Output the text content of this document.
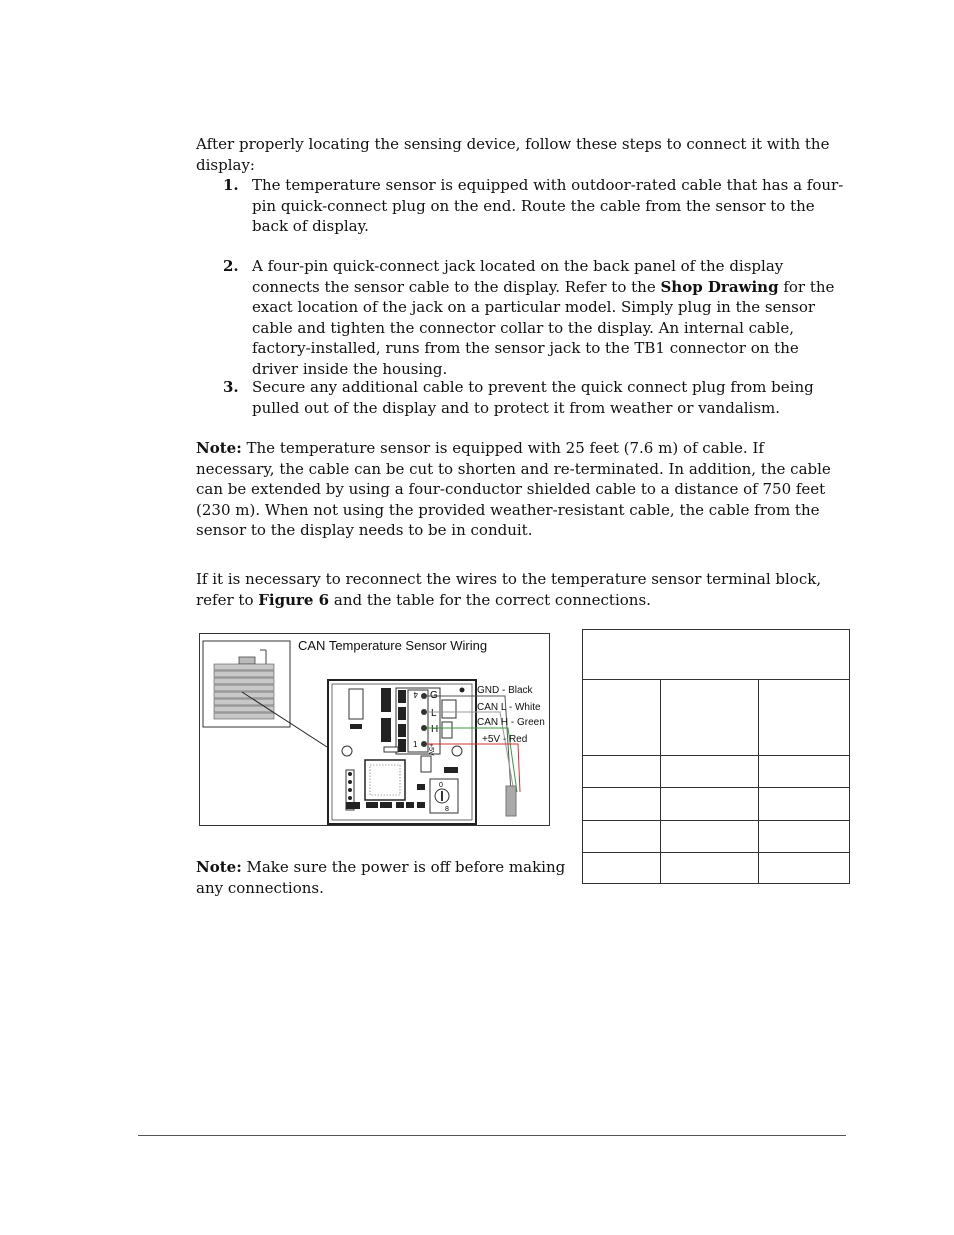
After properly locating the sensing device, follow these steps to connect it with the display:

1. The temperature sensor is equipped with outdoor-rated cable that has a four-pin quick-connect plug on the end. Route the cable from the sensor to the back of display.

2. A four-pin quick-connect jack located on the back panel of the display connects the sensor cable to the display. Refer to the Shop Drawing for the exact location of the jack on a particular model. Simply plug in the sensor cable and tighten the connector collar to the display. An internal cable, factory-installed, runs from the sensor jack to the TB1 connector on the driver inside the housing.

3. Secure any additional cable to prevent the quick connect plug from being pulled out of the display and to protect it from weather or vandalism.

Note: The temperature sensor is equipped with 25 feet (7.6 m) of cable. If necessary, the cable can be cut to shorten and re-terminated. In addition, the cable can be extended by using a four-conductor shielded cable to a distance of 750 feet (230 m). When not using the provided weather-resistant cable, the cable from the sensor to the display needs to be in conduit.

If it is necessary to reconnect the wires to the temperature sensor terminal block, refer to Figure 6 and the table for the correct connections.

CAN Temperature Sensor Wiring
4
1
G
L
H
+5V
0
8
GND - Black
CAN L - White
CAN H - Green
+5V - Red

Note: Make sure the power is off before making any connections.
